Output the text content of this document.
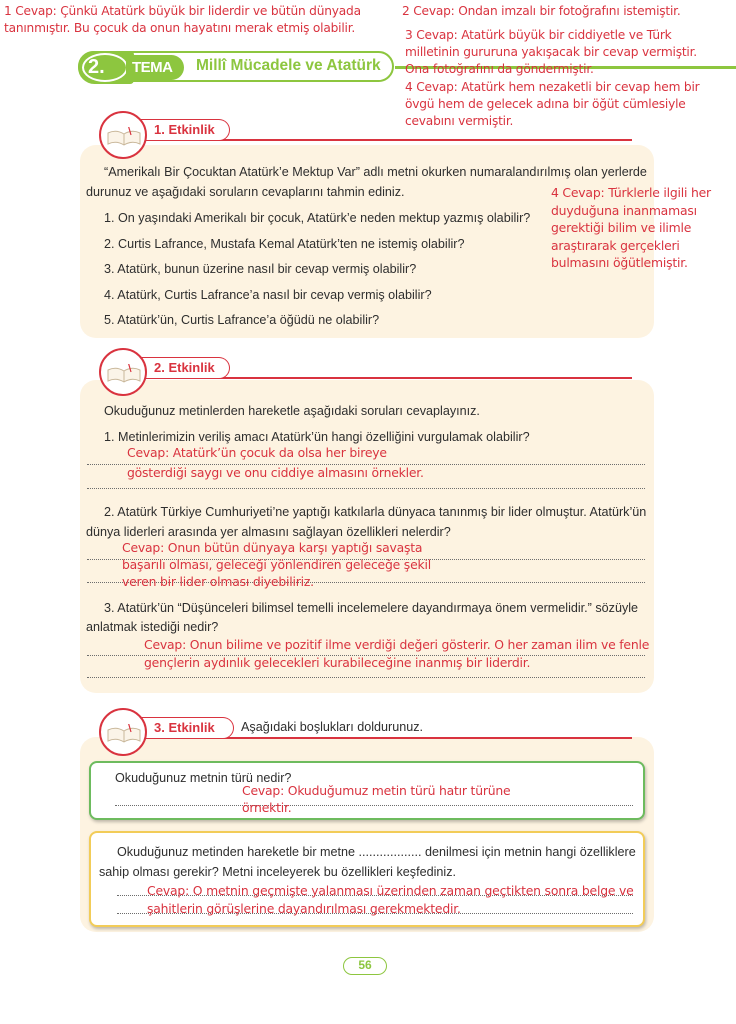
1 Cevap: Çünkü Atatürk büyük bir liderdir ve bütün dünyada
tanınmıştır. Bu çocuk da onun hayatını merak etmiş olabilir.
2. TEMA Millî Mücadele ve Atatürk
2 Cevap: Ondan imzalı bir fotoğrafını istemiştir.
3 Cevap: Atatürk büyük bir ciddiyetle ve Türk
milletinin gururuna yakışacak bir cevap vermiştir.
Ona fotoğrafını da göndermiştir.
4 Cevap: Atatürk hem nezaketli bir cevap hem bir
övgü hem de gelecek adına bir öğüt cümlesiyle
cevabını vermiştir.
1. Etkinlik
“Amerikalı Bir Çocuktan Atatürk’e Mektup Var” adlı metni okurken numaralandırılmış olan yerlerde
durunuz ve aşağıdaki soruların cevaplarını tahmin ediniz.
1. On yaşındaki Amerikalı bir çocuk, Atatürk’e neden mektup yazmış olabilir?
2. Curtis Lafrance, Mustafa Kemal Atatürk’ten ne istemiş olabilir?
3. Atatürk, bunun üzerine nasıl bir cevap vermiş olabilir?
4. Atatürk, Curtis Lafrance’a nasıl bir cevap vermiş olabilir?
5. Atatürk’ün, Curtis Lafrance’a öğüdü ne olabilir?
4 Cevap: Türklerle ilgili her
duyduğuna inanmaması
gerektiği bilim ve ilimle
araştırarak gerçekleri
bulmasını öğütlemiştir.
2. Etkinlik
Okuduğunuz metinlerden hareketle aşağıdaki soruları cevaplayınız.
1. Metinlerimizin veriliş amacı Atatürk’ün hangi özelliğini vurgulamak olabilir?
Cevap: Atatürk’ün çocuk da olsa her bireye
gösterdiği saygı ve onu ciddiye almasını örnekler.
2. Atatürk Türkiye Cumhuriyeti’ne yaptığı katkılarla dünyaca tanınmış bir lider olmuştur. Atatürk’ün
dünya liderleri arasında yer almasını sağlayan özellikleri nelerdir?
Cevap: Onun bütün dünyaya karşı yaptığı savaşta
başarılı olması, geleceği yönlendiren geleceğe şekil
veren bir lider olması diyebiliriz.
3. Atatürk’ün “Düşünceleri bilimsel temelli incelemelere dayandırmaya önem vermelidir.” sözüyle
anlatmak istediği nedir?
Cevap: Onun bilime ve pozitif ilme verdiği değeri gösterir. O her zaman ilim ve fenle
gençlerin aydınlık gelecekleri kurabileceğine inanmış bir liderdir.
3. Etkinlik Aşağıdaki boşlukları doldurunuz.
Okuduğunuz metnin türü nedir?
Cevap: Okuduğumuz metin türü hatır türüne
örnektir.
Okuduğunuz metinden hareketle bir metne .................. denilmesi için metnin hangi özelliklere
sahip olması gerekir? Metni inceleyerek bu özellikleri keşfediniz.
Cevap: O metnin geçmişte yalanması üzerinden zaman geçtikten sonra belge ve
şahitlerin görüşlerine dayandırılması gerekmektedir.
56
